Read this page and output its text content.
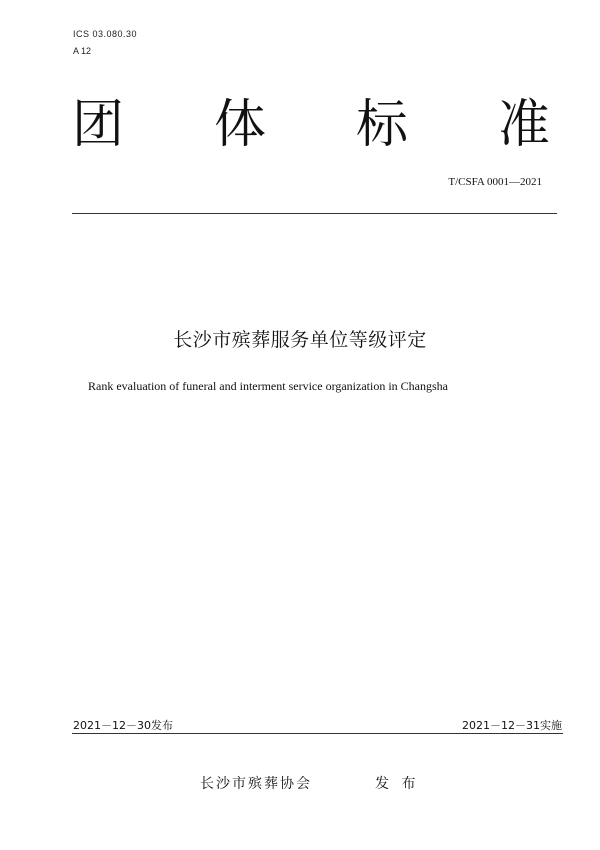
ICS 03.080.30
A 12
团 体 标 准
T/CSFA 0001—2021
长沙市殡葬服务单位等级评定
Rank evaluation of funeral and interment service organization in Changsha
2021－12－30发布	2021－12－31实施
长沙市殡葬协会	发 布
